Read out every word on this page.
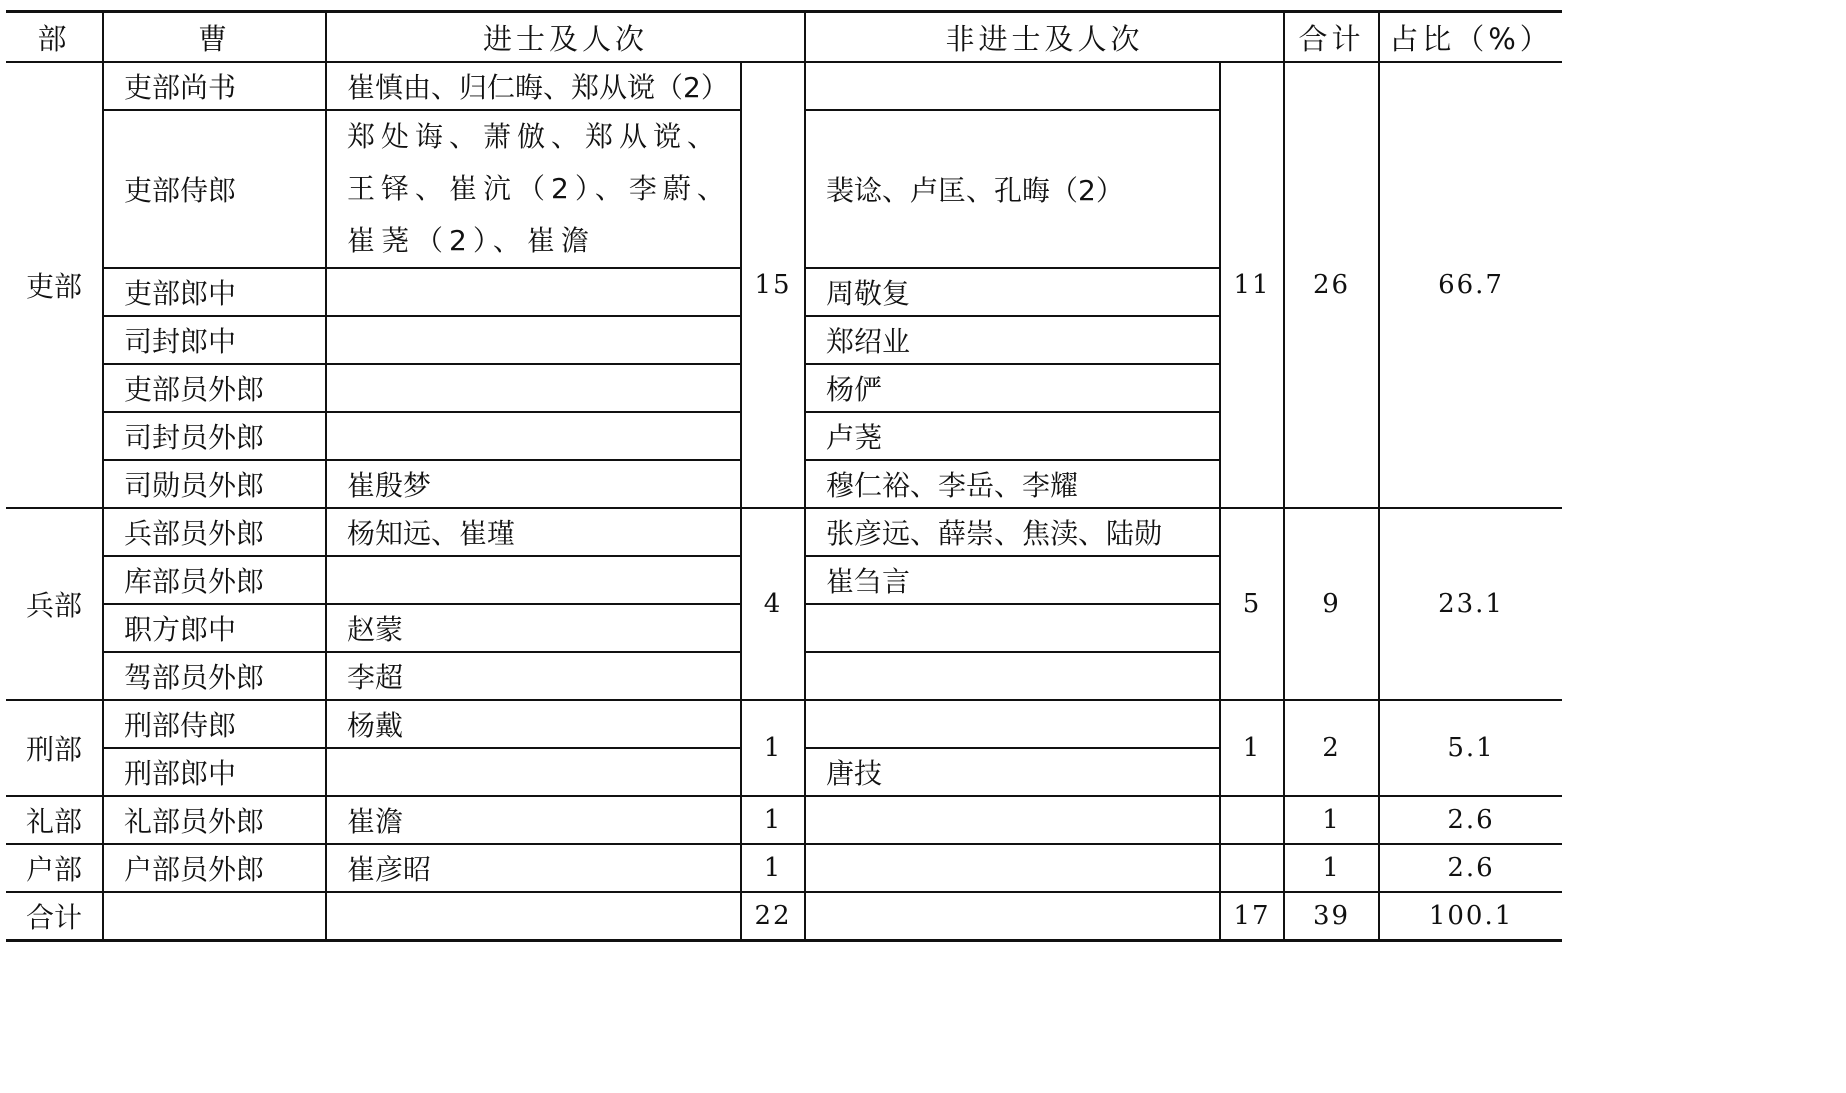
部	曹	进士及人次		非进士及人次		合计	占比（%）
吏部	吏部尚书	崔慎由、归仁晦、郑从谠（2）	15		11	26	66.7
	吏部侍郎	郑处诲、萧倣、郑从谠、王铎、崔沆（2）、李蔚、崔荛（2）、崔澹		裴谂、卢匡、孔晦（2）			
	吏部郎中			周敬复			
	司封郎中			郑绍业			
	吏部员外郎			杨俨			
	司封员外郎			卢荛			
	司勋员外郎	崔殷梦		穆仁裕、李岳、李耀			
兵部	兵部员外郎	杨知远、崔瑾	4	张彦远、薛崇、焦渎、陆勋	5	9	23.1
	库部员外郎			崔刍言			
	职方郎中	赵蒙					
	驾部员外郎	李超					
刑部	刑部侍郎	杨戴	1		1	2	5.1
	刑部郎中			唐技			
礼部	礼部员外郎	崔澹	1			1	2.6
户部	户部员外郎	崔彦昭	1			1	2.6
合计			22		17	39	100.1
